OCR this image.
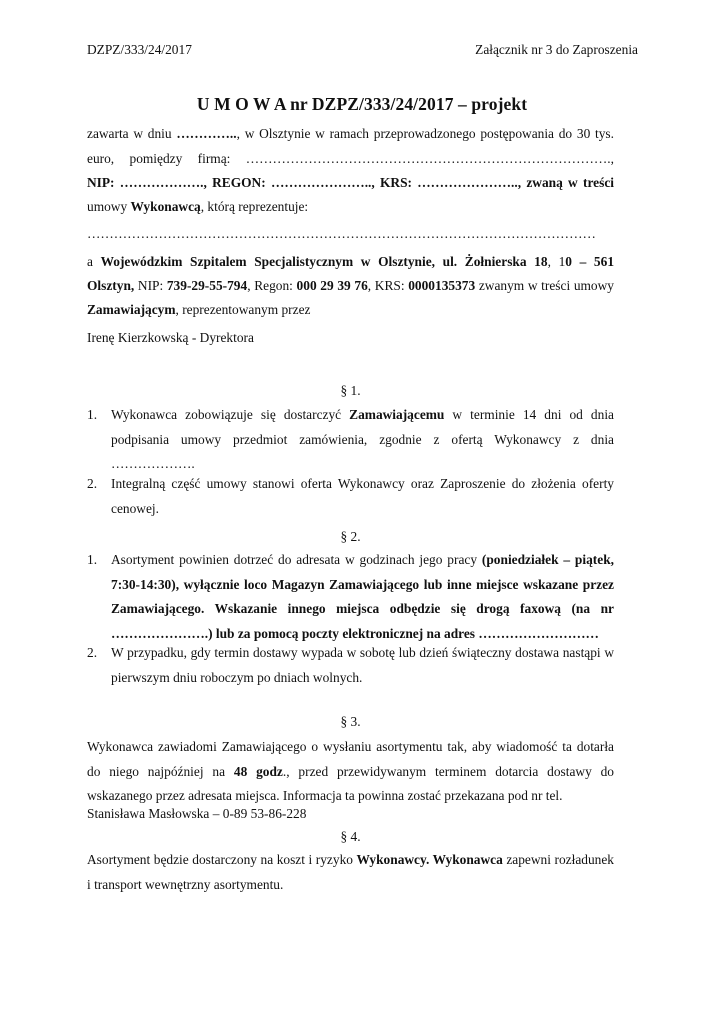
DZPZ/333/24/2017	Załącznik nr 3 do Zaproszenia
U M O W A nr DZPZ/333/24/2017 – projekt
zawarta w dniu ………….., w Olsztynie w ramach przeprowadzonego postępowania do 30 tys.
euro, pomiędzy firmą: ……………………………………………………………………….,
NIP: ………………., REGON: ………………….., KRS: ………………….., zwaną w treści
umowy Wykonawcą, którą reprezentuje:
……………………………………………………………………………………………………
a Wojewódzkim Szpitalem Specjalistycznym w Olsztynie, ul. Żołnierska 18, 10 – 561
Olsztyn, NIP: 739-29-55-794, Regon: 000 29 39 76, KRS: 0000135373 zwanym w treści umowy
Zamawiającym, reprezentowanym przez
Irenę Kierzkowską - Dyrektora
§ 1.
1. Wykonawca zobowiązuje się dostarczyć Zamawiającemu w terminie 14 dni od dnia podpisania umowy przedmiot zamówienia, zgodnie z ofertą Wykonawcy z dnia ……………….
2. Integralną część umowy stanowi oferta Wykonawcy oraz Zaproszenie do złożenia oferty cenowej.
§ 2.
1. Asortyment powinien dotrzeć do adresata w godzinach jego pracy (poniedziałek – piątek, 7:30-14:30), wyłącznie loco Magazyn Zamawiającego lub inne miejsce wskazane przez Zamawiającego. Wskazanie innego miejsca odbędzie się drogą faxową (na nr ………………….) lub za pomocą poczty elektronicznej na adres ………………………
2. W przypadku, gdy termin dostawy wypada w sobotę lub dzień świąteczny dostawa nastąpi w pierwszym dniu roboczym po dniach wolnych.
§ 3.
Wykonawca zawiadomi Zamawiającego o wysłaniu asortymentu tak, aby wiadomość ta dotarła do niego najpóźniej na 48 godz., przed przewidywanym terminem dotarcia dostawy do wskazanego przez adresata miejsca. Informacja ta powinna zostać przekazana pod nr tel.
Stanisława Masłowska – 0-89 53-86-228
§ 4.
Asortyment będzie dostarczony na koszt i ryzyko Wykonawcy. Wykonawca zapewni rozładunek i transport wewnętrzny asortymentu.
